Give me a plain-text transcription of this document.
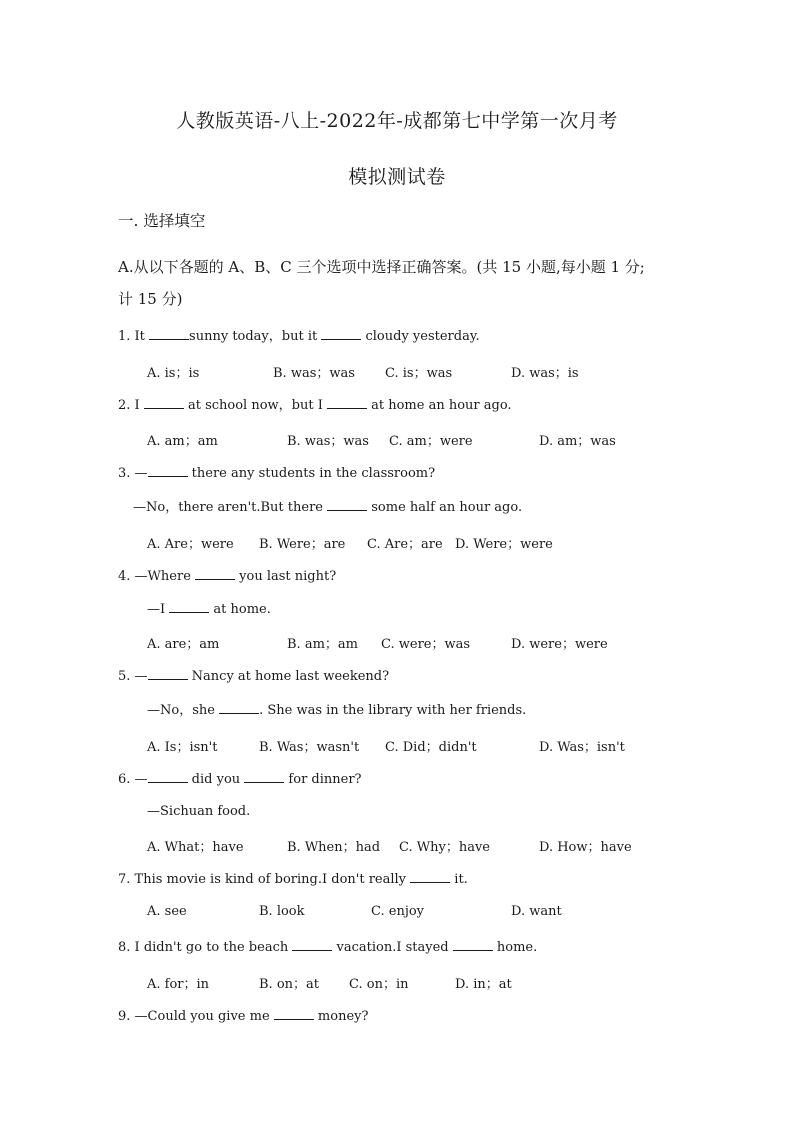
人教版英语-八上-2022年-成都第七中学第一次月考
模拟测试卷
一. 选择填空
A.从以下各题的 A、B、C 三个选项中选择正确答案。(共 15 小题,每小题 1 分;
计 15 分)
1. It	sunny today，but it	cloudy yesterday.
A. is；is	B. was；was C. is；was	D. was；is
2. I	at school now，but I	at home an hour ago.
A. am；am	B. was；was C. am；were	D. am；was
3. —	there any students in the classroom?
—No，there aren't.But there	some half an hour ago.
A. Are；were B. Were；are C. Are；are D. Were；were
4. —Where	you last night?
—I	at home.
A. are；am	B. am；am C. were；was	D. were；were
5. —	Nancy at home last weekend?
—No，she	. She was in the library with her friends.
A. Is；isn't	B. Was；wasn't C. Did；didn't	D. Was；isn't
6. —	did you	for dinner?
—Sichuan food.
A. What；have	B. When；had C. Why；have	D. How；have
7. This movie is kind of boring.I don't really	it.
A. see	B. look	C. enjoy	D. want
8. I didn't go to the beach	vacation.I stayed	home.
A. for；in	B. on；at C. on；in	D. in；at
9. —Could you give me	money?
